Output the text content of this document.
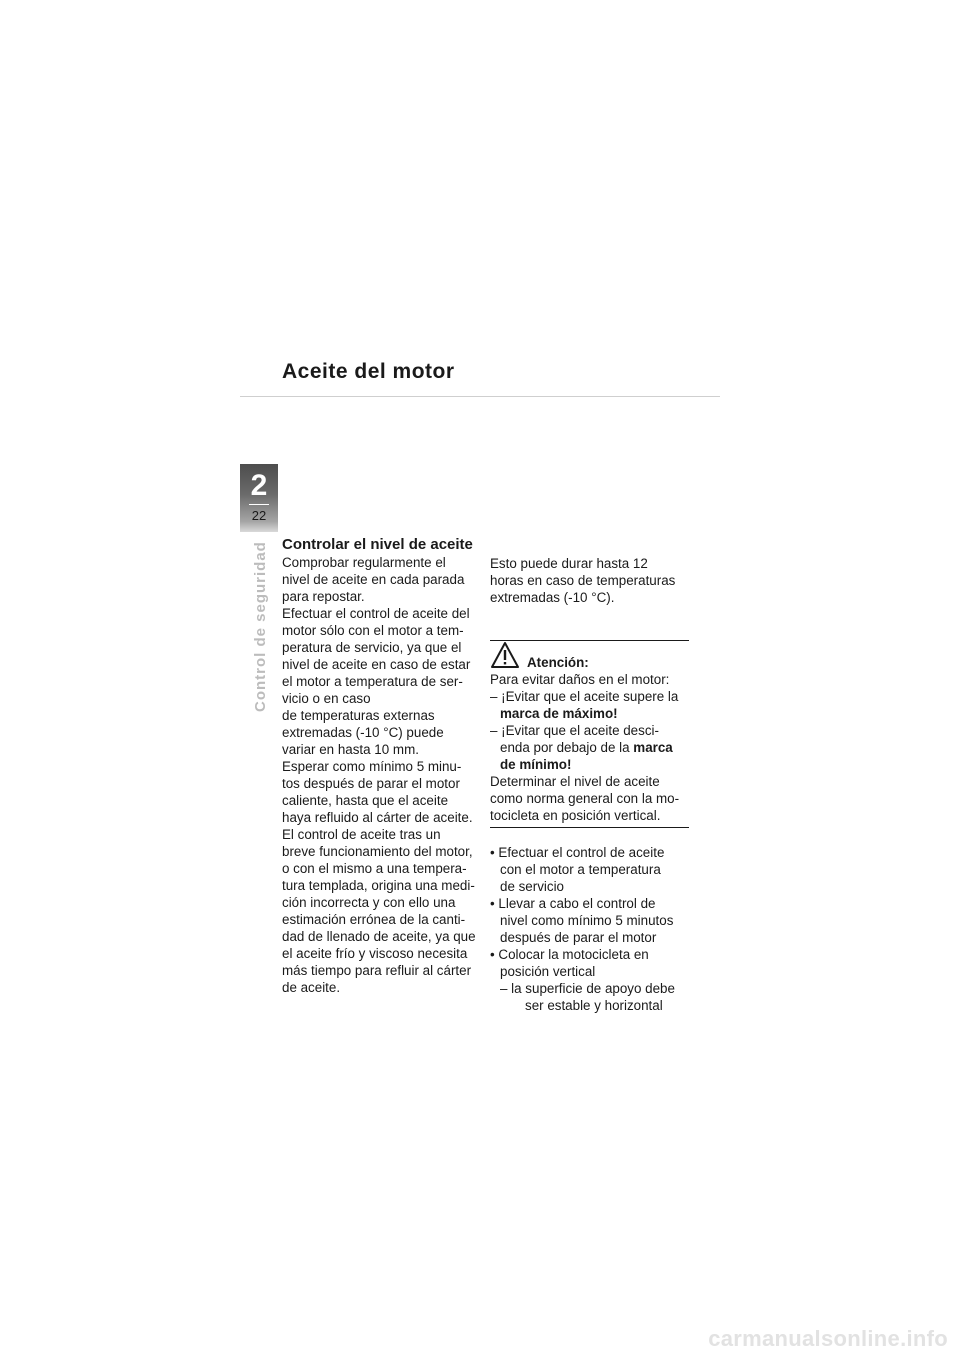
Aceite del motor
2
22
Control de seguridad Controlar el nivel de aceite
Comprobar regularmente el
nivel de aceite en cada parada
para repostar.
Efectuar el control de aceite del
motor sólo con el motor a tem-
peratura de servicio, ya que el
nivel de aceite en caso de estar
el motor a temperatura de ser-
vicio o en caso
de temperaturas externas
extremadas (-10 °C) puede
variar en hasta 10 mm.
Esperar como mínimo 5 minu-
tos después de parar el motor
caliente, hasta que el aceite
haya refluido al cárter de aceite.
El control de aceite tras un
breve funcionamiento del motor,
o con el mismo a una tempera-
tura templada, origina una medi-
ción incorrecta y con ello una
estimación errónea de la canti-
dad de llenado de aceite, ya que
el aceite frío y viscoso necesita
más tiempo para refluir al cárter
de aceite.
Esto puede durar hasta 12
horas en caso de temperaturas
extremadas (-10 °C).
Atención:
Para evitar daños en el motor:
– ¡Evitar que el aceite supere la
marca de máximo!
– ¡Evitar que el aceite desci-
enda por debajo de la marca
de mínimo!
Determinar el nivel de aceite
como norma general con la mo-
tocicleta en posición vertical.
• Efectuar el control de aceite
con el motor a temperatura
de servicio
• Llevar a cabo el control de
nivel como mínimo 5 minutos
después de parar el motor
• Colocar la motocicleta en
posición vertical
– la superficie de apoyo debe
ser estable y horizontal
carmanualsonline.info
